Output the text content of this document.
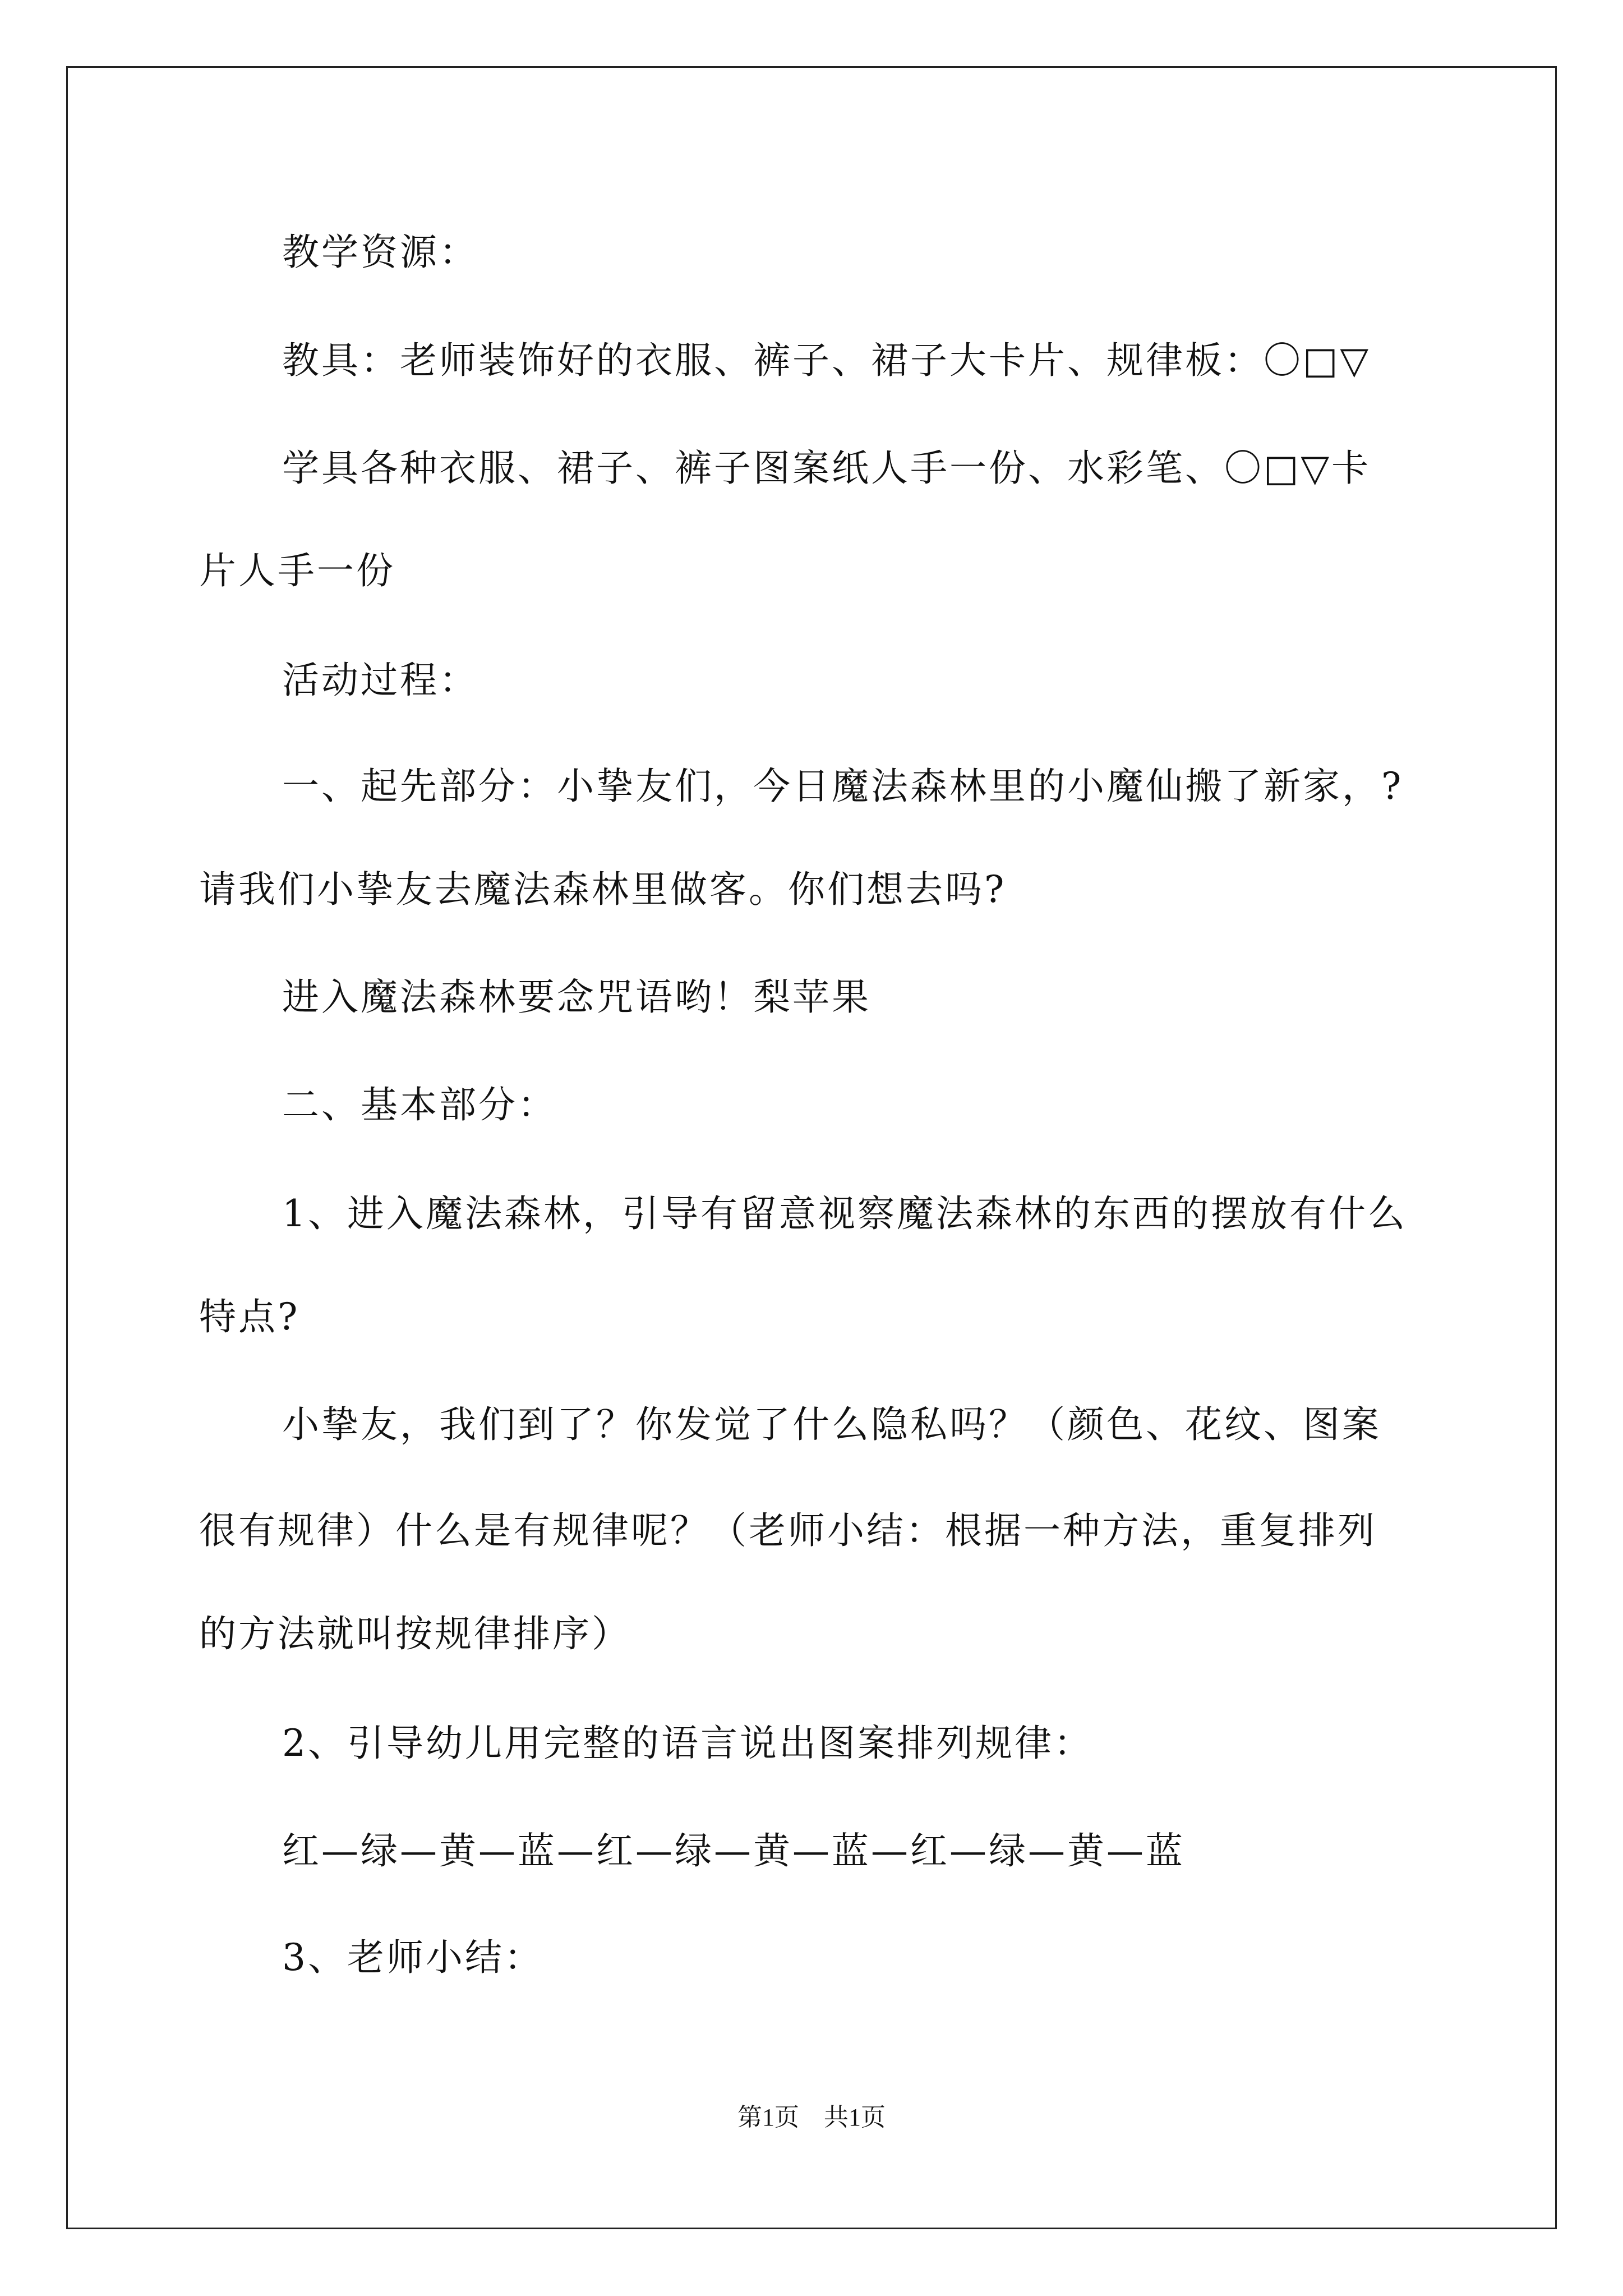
教学资源：
教具：老师装饰好的衣服、裤子、裙子大卡片、规律板：〇□▽
学具各种衣服、裙子、裤子图案纸人手一份、水彩笔、〇□▽卡
片人手一份
活动过程：
一、起先部分：小挚友们，今日魔法森林里的小魔仙搬了新家，?
请我们小挚友去魔法森林里做客。你们想去吗?
进入魔法森林要念咒语哟！梨苹果
二、基本部分：
1、进入魔法森林，引导有留意视察魔法森林的东西的摆放有什么
特点?
小挚友，我们到了？你发觉了什么隐私吗？（颜色、花纹、图案
很有规律）什么是有规律呢？（老师小结：根据一种方法，重复排列
的方法就叫按规律排序）
2、引导幼儿用完整的语言说出图案排列规律：
红—绿—黄—蓝—红—绿—黄—蓝—红—绿—黄—蓝
3、老师小结：
第1页　共1页
